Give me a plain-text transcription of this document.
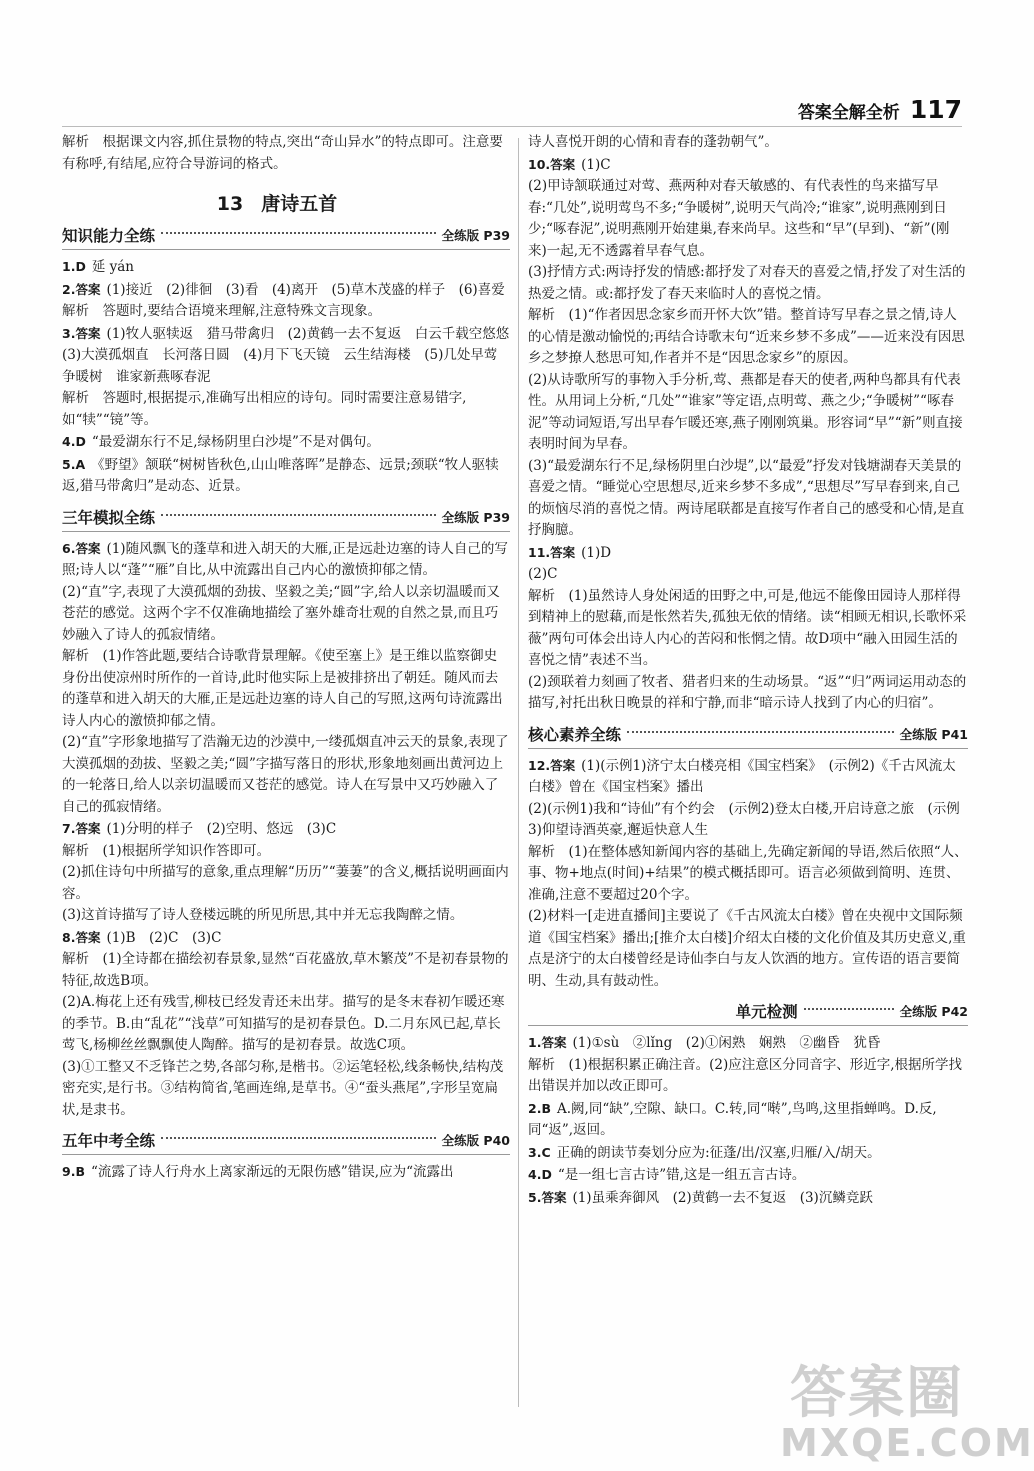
答案全解全析 117

解析　根据课文内容,抓住景物的特点,突出“奇山异水”的特点即可。注意要有称呼,有结尾,应符合导游词的格式。

13 唐诗五首
知识能力全练	全练版 P39

1.D 延 yán

2.答案 (1)接近　(2)徘徊　(3)看　(4)离开　(5)草木茂盛的样子　(6)喜爱

解析　答题时,要结合语境来理解,注意特殊文言现象。

3.答案 (1)牧人驱犊返　猎马带禽归　(2)黄鹤一去不复返　白云千载空悠悠　(3)大漠孤烟直　长河落日圆　(4)月下飞天镜　云生结海楼　(5)几处早莺争暖树　谁家新燕啄春泥

解析　答题时,根据提示,准确写出相应的诗句。同时需要注意易错字,如“犊”“镜”等。

4.D “最爱湖东行不足,绿杨阴里白沙堤”不是对偶句。

5.A 《野望》颔联“树树皆秋色,山山唯落晖”是静态、远景;颈联“牧人驱犊返,猎马带禽归”是动态、近景。

三年模拟全练	全练版 P39

6.答案 (1)随风飘飞的蓬草和进入胡天的大雁,正是远赴边塞的诗人自己的写照;诗人以“蓬”“雁”自比,从中流露出自己内心的激愤抑郁之情。

(2)“直”字,表现了大漠孤烟的劲拔、坚毅之美;“圆”字,给人以亲切温暖而又苍茫的感觉。这两个字不仅准确地描绘了塞外雄奇壮观的自然之景,而且巧妙融入了诗人的孤寂情绪。

解析　(1)作答此题,要结合诗歌背景理解。《使至塞上》是王维以监察御史身份出使凉州时所作的一首诗,此时他实际上是被排挤出了朝廷。随风而去的蓬草和进入胡天的大雁,正是远赴边塞的诗人自己的写照,这两句诗流露出诗人内心的激愤抑郁之情。

(2)“直”字形象地描写了浩瀚无边的沙漠中,一缕孤烟直冲云天的景象,表现了大漠孤烟的劲拔、坚毅之美;“圆”字描写落日的形状,形象地刻画出黄河边上的一轮落日,给人以亲切温暖而又苍茫的感觉。诗人在写景中又巧妙融入了自己的孤寂情绪。

7.答案 (1)分明的样子　(2)空明、悠远　(3)C

解析　(1)根据所学知识作答即可。

(2)抓住诗句中所描写的意象,重点理解“历历”“萋萋”的含义,概括说明画面内容。

(3)这首诗描写了诗人登楼远眺的所见所思,其中并无忘我陶醉之情。

8.答案 (1)B　(2)C　(3)C

解析　(1)全诗都在描绘初春景象,显然“百花盛放,草木繁茂”不是初春景物的特征,故选B项。

(2)A.梅花上还有残雪,柳枝已经发青还未出芽。描写的是冬末春初乍暖还寒的季节。B.由“乱花”“浅草”可知描写的是初春景色。D.二月东风已起,草长莺飞,杨柳丝丝飘飘使人陶醉。描写的是初春景。故选C项。

(3)①工整又不乏锋芒之势,各部匀称,是楷书。②运笔轻松,线条畅快,结构茂密充实,是行书。③结构简省,笔画连绵,是草书。④“蚕头燕尾”,字形呈宽扁状,是隶书。

五年中考全练	全练版 P40

9.B “流露了诗人行舟水上离家渐远的无限伤感”错误,应为“流露出

诗人喜悦开朗的心情和青春的蓬勃朝气”。

10.答案 (1)C

(2)甲诗颔联通过对莺、燕两种对春天敏感的、有代表性的鸟来描写早春:“几处”,说明莺鸟不多;“争暖树”,说明天气尚冷;“谁家”,说明燕刚到日少;“啄春泥”,说明燕刚开始建巢,春来尚早。这些和“早”(早到)、“新”(刚来)一起,无不透露着早春气息。

(3)抒情方式:两诗抒发的情感:都抒发了对春天的喜爱之情,抒发了对生活的热爱之情。或:都抒发了春天来临时人的喜悦之情。

解析　(1)“作者因思念家乡而开怀大饮”错。整首诗写早春之景之情,诗人的心情是激动愉悦的;再结合诗歌末句“近来乡梦不多成”——近来没有因思乡之梦撩人愁思可知,作者并不是“因思念家乡”的原因。

(2)从诗歌所写的事物入手分析,莺、燕都是春天的使者,两种鸟都具有代表性。从用词上分析,“几处”“谁家”等定语,点明莺、燕之少;“争暖树”“啄春泥”等动词短语,写出早春乍暖还寒,燕子刚刚筑巢。形容词“早”“新”则直接表明时间为早春。

(3)“最爱湖东行不足,绿杨阴里白沙堤”,以“最爱”抒发对钱塘湖春天美景的喜爱之情。“睡觉心空思想尽,近来乡梦不多成”,“思想尽”写早春到来,自己的烦恼尽消的喜悦之情。两诗尾联都是直接写作者自己的感受和心情,是直抒胸臆。

11.答案 (1)D

(2)C

解析　(1)虽然诗人身处闲适的田野之中,可是,他远不能像田园诗人那样得到精神上的慰藉,而是怅然若失,孤独无依的情绪。读“相顾无相识,长歌怀采薇”两句可体会出诗人内心的苦闷和怅惘之情。故D项中“融入田园生活的喜悦之情”表述不当。

(2)颈联着力刻画了牧者、猎者归来的生动场景。“返”“归”两词运用动态的描写,衬托出秋日晚景的祥和宁静,而非“暗示诗人找到了内心的归宿”。

核心素养全练	全练版 P41

12.答案 (1)(示例1)济宁太白楼亮相《国宝档案》　(示例2)《千古风流太白楼》曾在《国宝档案》播出

(2)(示例1)我和“诗仙”有个约会　(示例2)登太白楼,开启诗意之旅　(示例3)仰望诗酒英豪,邂逅快意人生

解析　(1)在整体感知新闻内容的基础上,先确定新闻的导语,然后依照“人、事、物+地点(时间)+结果”的模式概括即可。语言必须做到简明、连贯、准确,注意不要超过20个字。

(2)材料一[走进直播间]主要说了《千古风流太白楼》曾在央视中文国际频道《国宝档案》播出;[推介太白楼]介绍太白楼的文化价值及其历史意义,重点是济宁的太白楼曾经是诗仙李白与友人饮酒的地方。宣传语的语言要简明、生动,具有鼓动性。

单元检测	全练版 P42

1.答案 (1)①sù　②lǐng　(2)①闲熟　娴熟　②幽昏　犹昏

解析　(1)根据积累正确注音。(2)应注意区分同音字、形近字,根据所学找出错误并加以改正即可。

2.B A.阙,同“缺”,空隙、缺口。C.转,同“啭”,鸟鸣,这里指蝉鸣。D.反,同“返”,返回。

3.C 正确的朗读节奏划分应为:征蓬/出/汉塞,归雁/入/胡天。

4.D “是一组七言古诗”错,这是一组五言古诗。

5.答案 (1)虽乘奔御风　(2)黄鹤一去不复返　(3)沉鳞竞跃

答案圈
MXQE.COM
